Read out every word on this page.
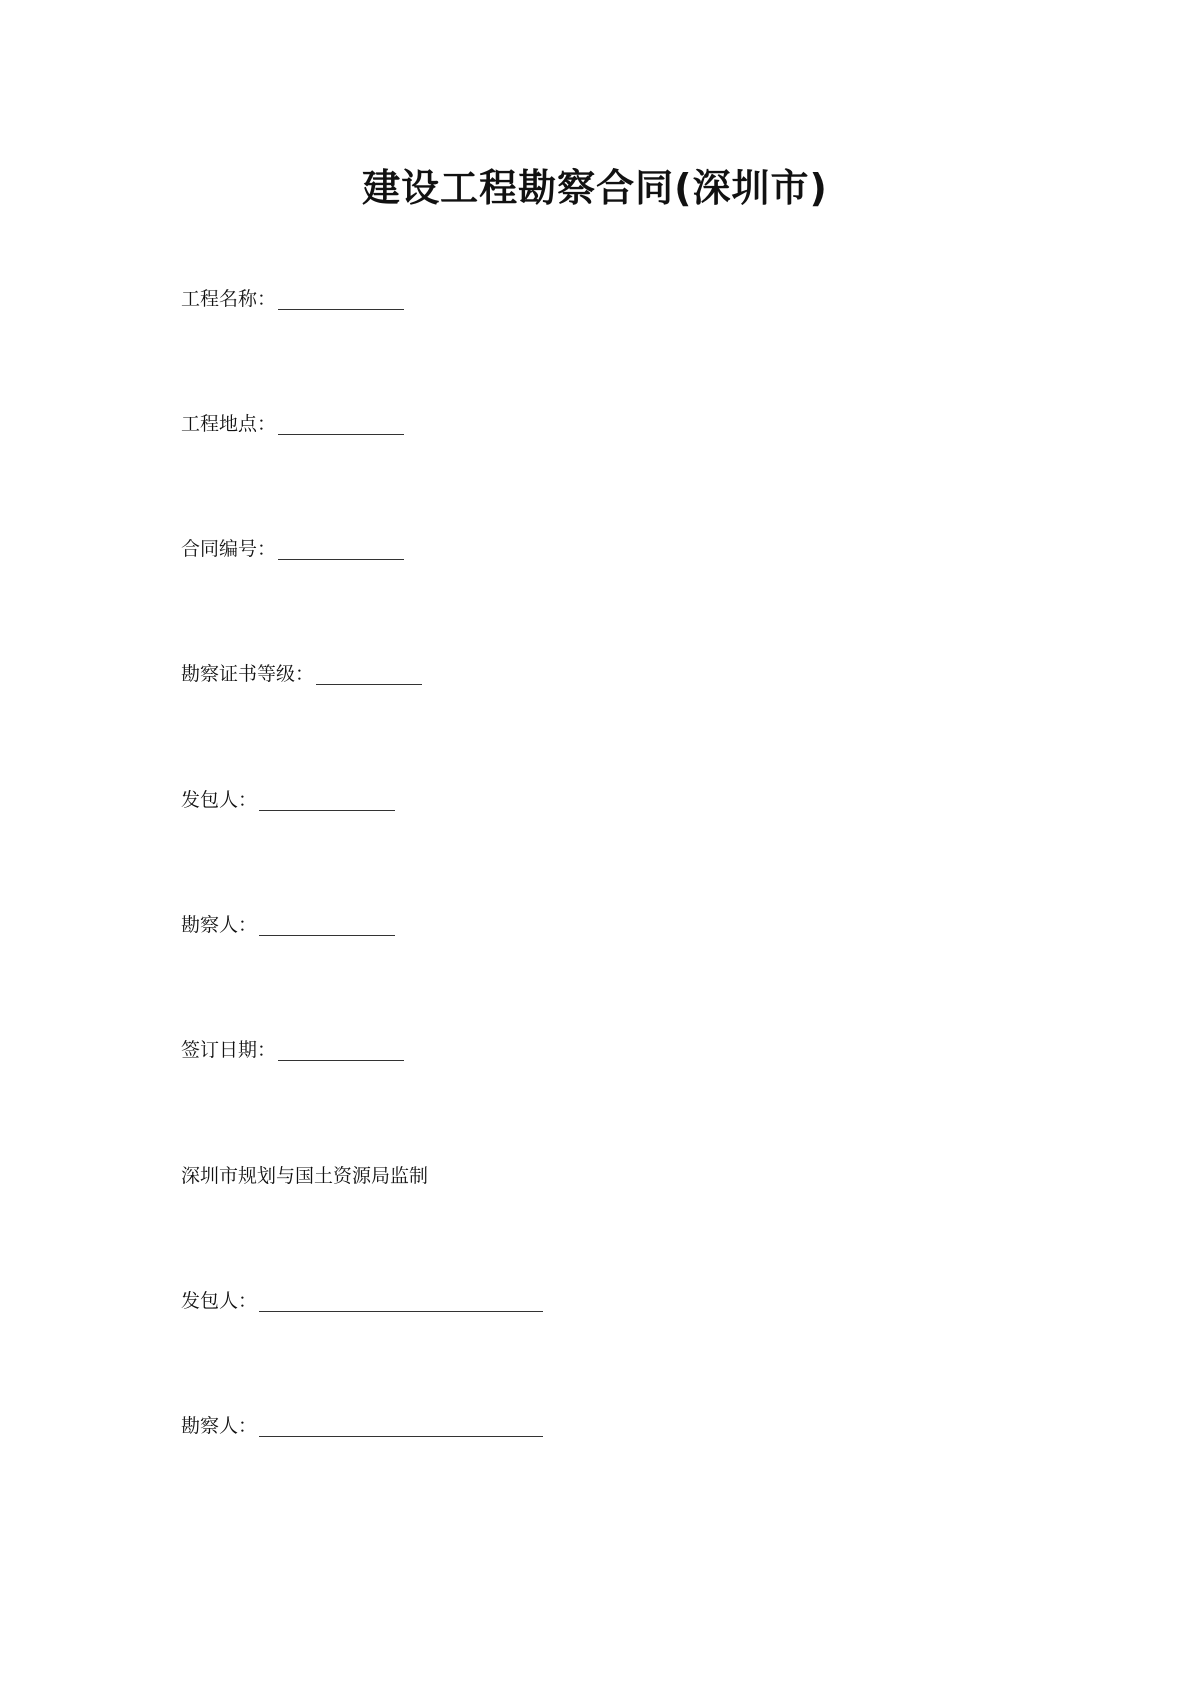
建设工程勘察合同(深圳市)
工程名称：
工程地点：
合同编号：
勘察证书等级：
发包人：
勘察人：
签订日期：

深圳市规划与国土资源局监制

发包人：
勘察人：
